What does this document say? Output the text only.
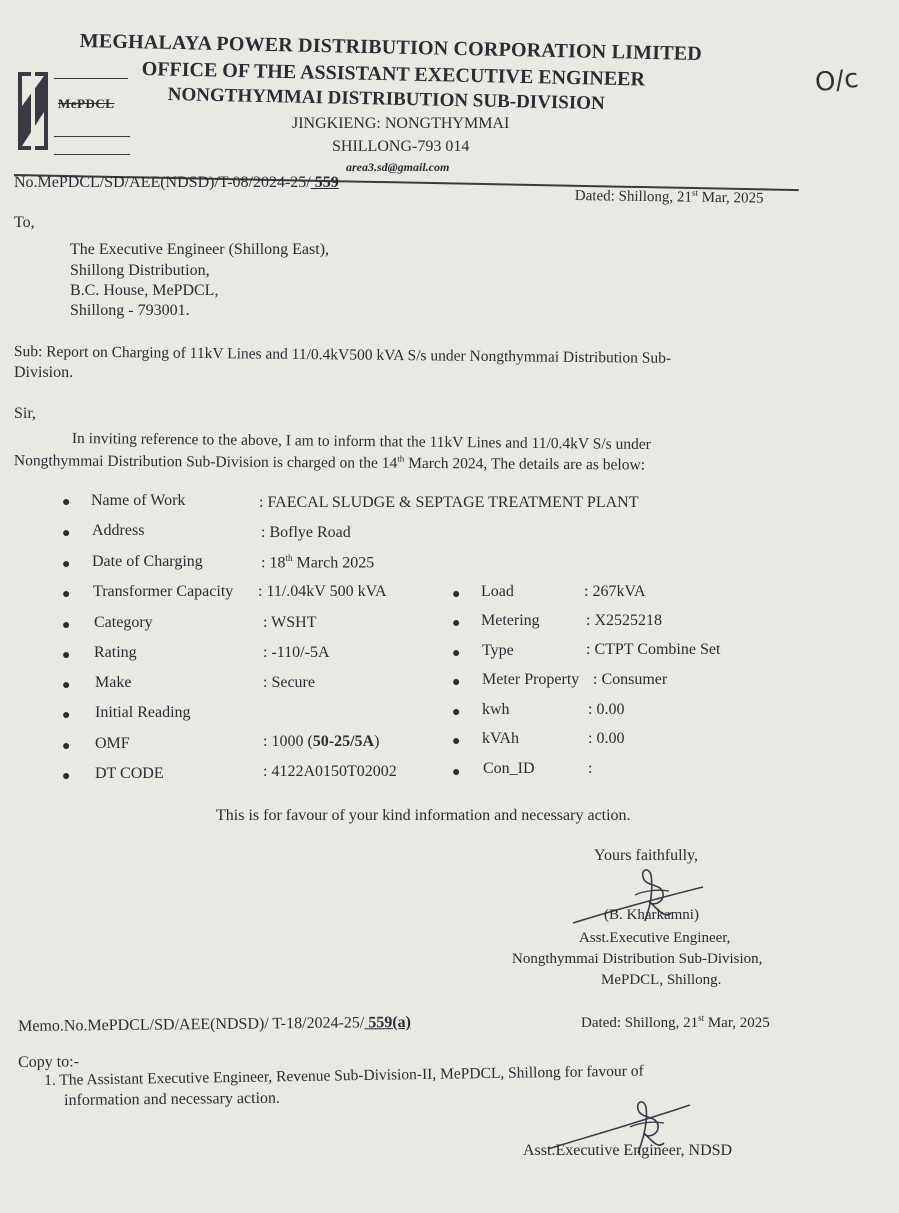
MePDCL
MEGHALAYA POWER DISTRIBUTION CORPORATION LIMITED
OFFICE OF THE ASSISTANT EXECUTIVE ENGINEER
NONGTHYMMAI DISTRIBUTION SUB-DIVISION
JINGKIENG: NONGTHYMMAI
SHILLONG-793 014
area3.sd@gmail.com
O/c
No.MePDCL/SD/AEE(NDSD)/T-08/2024-25/ 559
Dated: Shillong, 21st Mar, 2025
To,
The Executive Engineer (Shillong East),
Shillong Distribution,
B.C. House, MePDCL,
Shillong - 793001.
Sub: Report on Charging of 11kV Lines and 11/0.4kV500 kVA S/s under Nongthymmai Distribution Sub-
Division.
Sir,
In inviting reference to the above, I am to inform that the 11kV Lines and 11/0.4kV S/s under
Nongthymmai Distribution Sub-Division is charged on the 14th March 2024, The details are as below:
● Name of Work	: FAECAL SLUDGE & SEPTAGE TREATMENT PLANT
● Address	: Boflye Road
● Date of Charging	: 18th March 2025
● Transformer Capacity : 11/.04kV 500 kVA
● Category	: WSHT
● Rating	: -110/-5A
● Make	: Secure
● Initial Reading
● OMF	: 1000 (50-25/5A)
● DT CODE	: 4122A0150T02002
● Load	: 267kVA
● Metering	: X2525218
● Type	: CTPT Combine Set
● Meter Property : Consumer
● kwh	: 0.00
● kVAh	: 0.00
● Con_ID	:
This is for favour of your kind information and necessary action.
Yours faithfully,
(B. Kharkamni)
Asst.Executive Engineer,
Nongthymmai Distribution Sub-Division,
MePDCL, Shillong.
Memo.No.MePDCL/SD/AEE(NDSD)/ T-18/2024-25/ 559(a)	Dated: Shillong, 21st Mar, 2025
Copy to:-
1. The Assistant Executive Engineer, Revenue Sub-Division-II, MePDCL, Shillong for favour of
information and necessary action.
Asst.Executive Engineer, NDSD
